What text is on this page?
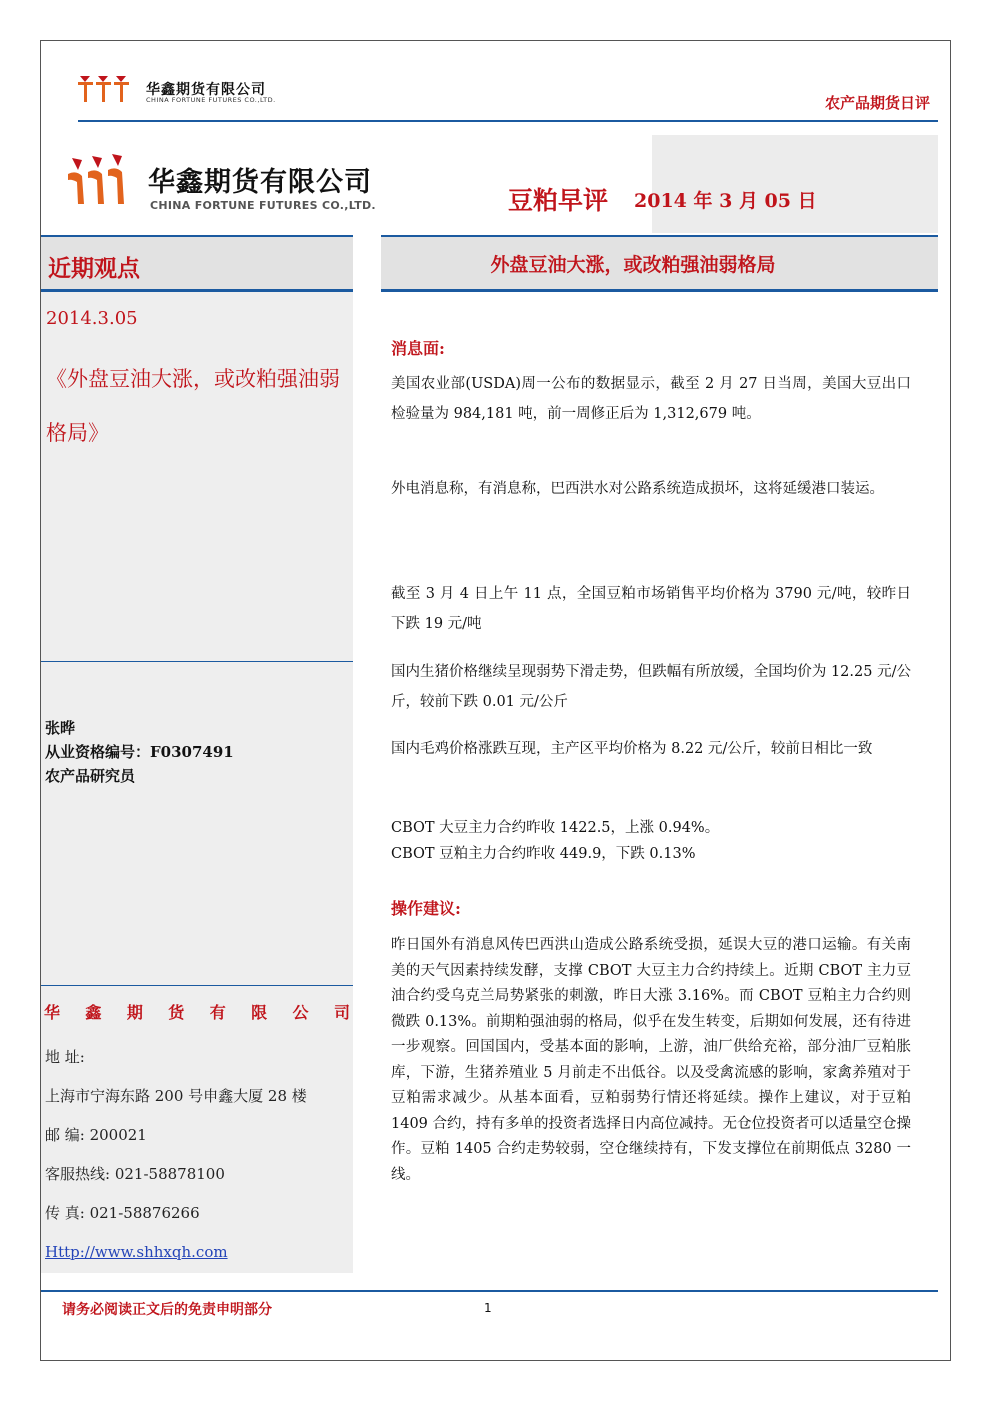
华鑫期货有限公司
CHINA FORTUNE FUTURES CO.,LTD.	农产品期货日评
华鑫期货有限公司
CHINA FORTUNE FUTURES CO.,LTD.	豆粕早评 2014 年 3 月 05 日
近期观点
2014.3.05
《外盘豆油大涨，或改粕强油弱格局》
张晔
从业资格编号：F0307491
农产品研究员
华 鑫 期 货 有 限 公 司
地 址:
上海市宁海东路 200 号申鑫大厦 28 楼
邮 编: 200021
客服热线: 021-58878100
传 真: 021-58876266
Http://www.shhxqh.com
外盘豆油大涨，或改粕强油弱格局
消息面:
美国农业部(USDA)周一公布的数据显示，截至 2 月 27 日当周，美国大豆出口检验量为 984,181 吨，前一周修正后为 1,312,679 吨。
外电消息称，有消息称，巴西洪水对公路系统造成损坏，这将延缓港口装运。
截至 3 月 4 日上午 11 点，全国豆粕市场销售平均价格为 3790 元/吨，较昨日下跌 19 元/吨
国内生猪价格继续呈现弱势下滑走势，但跌幅有所放缓，全国均价为 12.25 元/公斤，较前下跌 0.01 元/公斤
国内毛鸡价格涨跌互现，主产区平均价格为 8.22 元/公斤，较前日相比一致
CBOT 大豆主力合约昨收 1422.5，上涨 0.94%。
CBOT 豆粕主力合约昨收 449.9，下跌 0.13%
操作建议:
昨日国外有消息风传巴西洪山造成公路系统受损，延误大豆的港口运输。有关南美的天气因素持续发酵，支撑 CBOT 大豆主力合约持续上。近期 CBOT 主力豆油合约受乌克兰局势紧张的刺激，昨日大涨 3.16%。而 CBOT 豆粕主力合约则微跌 0.13%。前期粕强油弱的格局，似乎在发生转变，后期如何发展，还有待进一步观察。回国国内，受基本面的影响，上游，油厂供给充裕，部分油厂豆粕胀库，下游，生猪养殖业 5 月前走不出低谷。以及受禽流感的影响，家禽养殖对于豆粕需求减少。从基本面看，豆粕弱势行情还将延续。操作上建议，对于豆粕1409 合约，持有多单的投资者选择日内高位减持。无仓位投资者可以适量空仓操作。豆粕 1405 合约走势较弱，空仓继续持有，下发支撑位在前期低点 3280 一线。
请务必阅读正文后的免责申明部分	1
